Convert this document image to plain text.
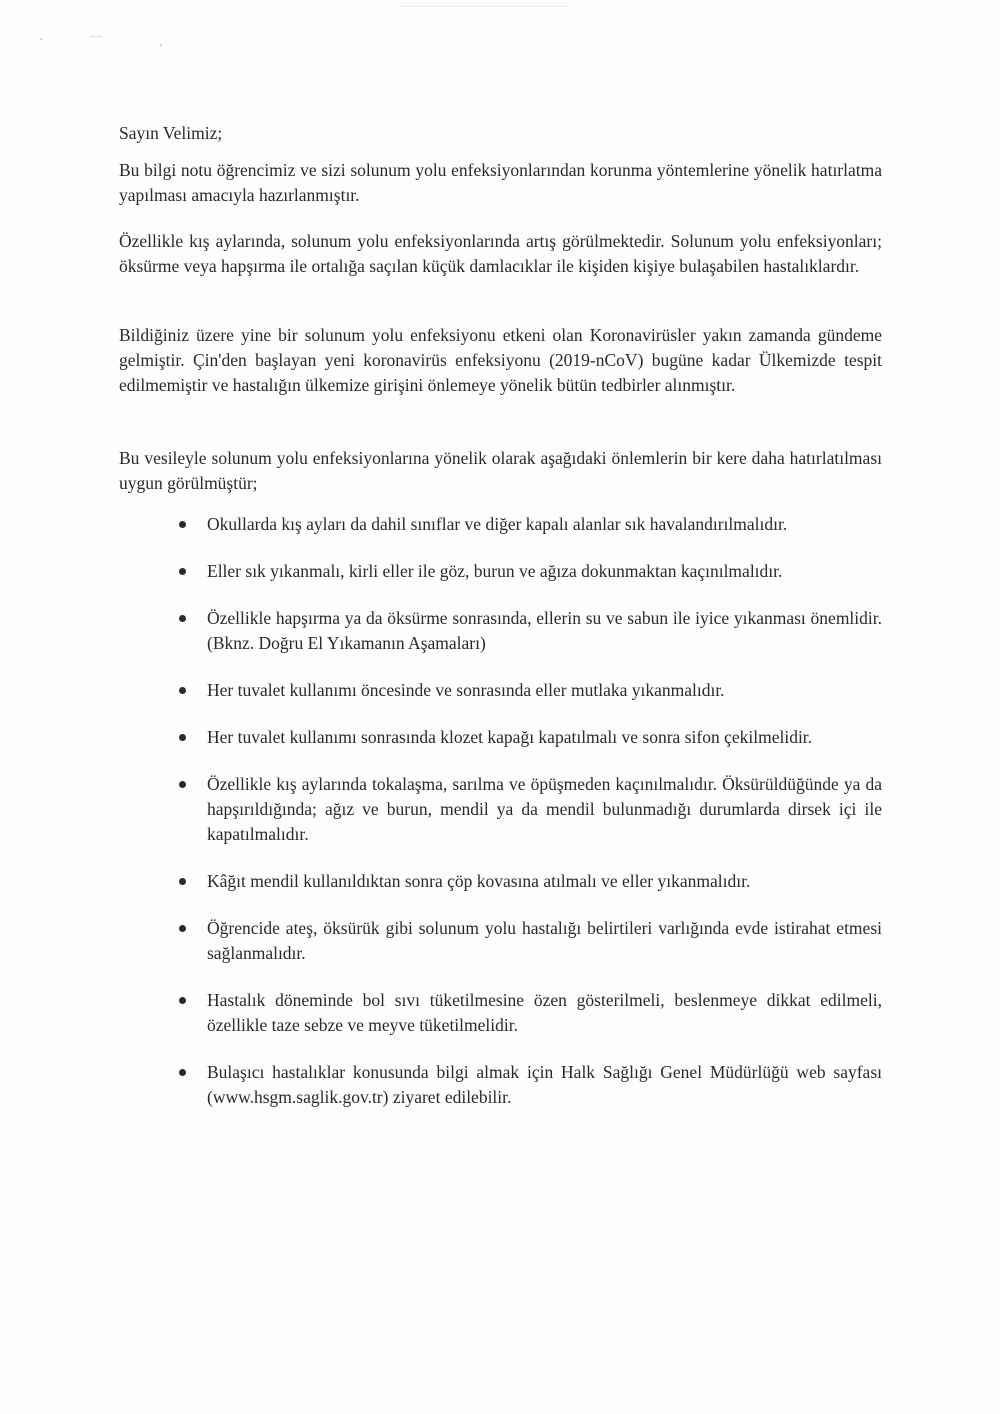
Sayın Velimiz;

Bu bilgi notu öğrencimiz ve sizi solunum yolu enfeksiyonlarından korunma yöntemlerine yönelik hatırlatma yapılması amacıyla hazırlanmıştır.

Özellikle kış aylarında, solunum yolu enfeksiyonlarında artış görülmektedir. Solunum yolu enfeksiyonları; öksürme veya hapşırma ile ortalığa saçılan küçük damlacıklar ile kişiden kişiye bulaşabilen hastalıklardır.

Bildiğiniz üzere yine bir solunum yolu enfeksiyonu etkeni olan Koronavirüsler yakın zamanda gündeme gelmiştir. Çin'den başlayan yeni koronavirüs enfeksiyonu (2019-nCoV) bugüne kadar Ülkemizde tespit edilmemiştir ve hastalığın ülkemize girişini önlemeye yönelik bütün tedbirler alınmıştır.

Bu vesileyle solunum yolu enfeksiyonlarına yönelik olarak aşağıdaki önlemlerin bir kere daha hatırlatılması uygun görülmüştür;

Okullarda kış ayları da dahil sınıflar ve diğer kapalı alanlar sık havalandırılmalıdır.
Eller sık yıkanmalı, kirli eller ile göz, burun ve ağıza dokunmaktan kaçınılmalıdır.
Özellikle hapşırma ya da öksürme sonrasında, ellerin su ve sabun ile iyice yıkanması önemlidir. (Bknz. Doğru El Yıkamanın Aşamaları)
Her tuvalet kullanımı öncesinde ve sonrasında eller mutlaka yıkanmalıdır.
Her tuvalet kullanımı sonrasında klozet kapağı kapatılmalı ve sonra sifon çekilmelidir.
Özellikle kış aylarında tokalaşma, sarılma ve öpüşmeden kaçınılmalıdır. Öksürüldüğünde ya da hapşırıldığında; ağız ve burun, mendil ya da mendil bulunmadığı durumlarda dirsek içi ile kapatılmalıdır.
Kâğıt mendil kullanıldıktan sonra çöp kovasına atılmalı ve eller yıkanmalıdır.
Öğrencide ateş, öksürük gibi solunum yolu hastalığı belirtileri varlığında evde istirahat etmesi sağlanmalıdır.
Hastalık döneminde bol sıvı tüketilmesine özen gösterilmeli, beslenmeye dikkat edilmeli, özellikle taze sebze ve meyve tüketilmelidir.
Bulaşıcı hastalıklar konusunda bilgi almak için Halk Sağlığı Genel Müdürlüğü web sayfası (www.hsgm.saglik.gov.tr) ziyaret edilebilir.
